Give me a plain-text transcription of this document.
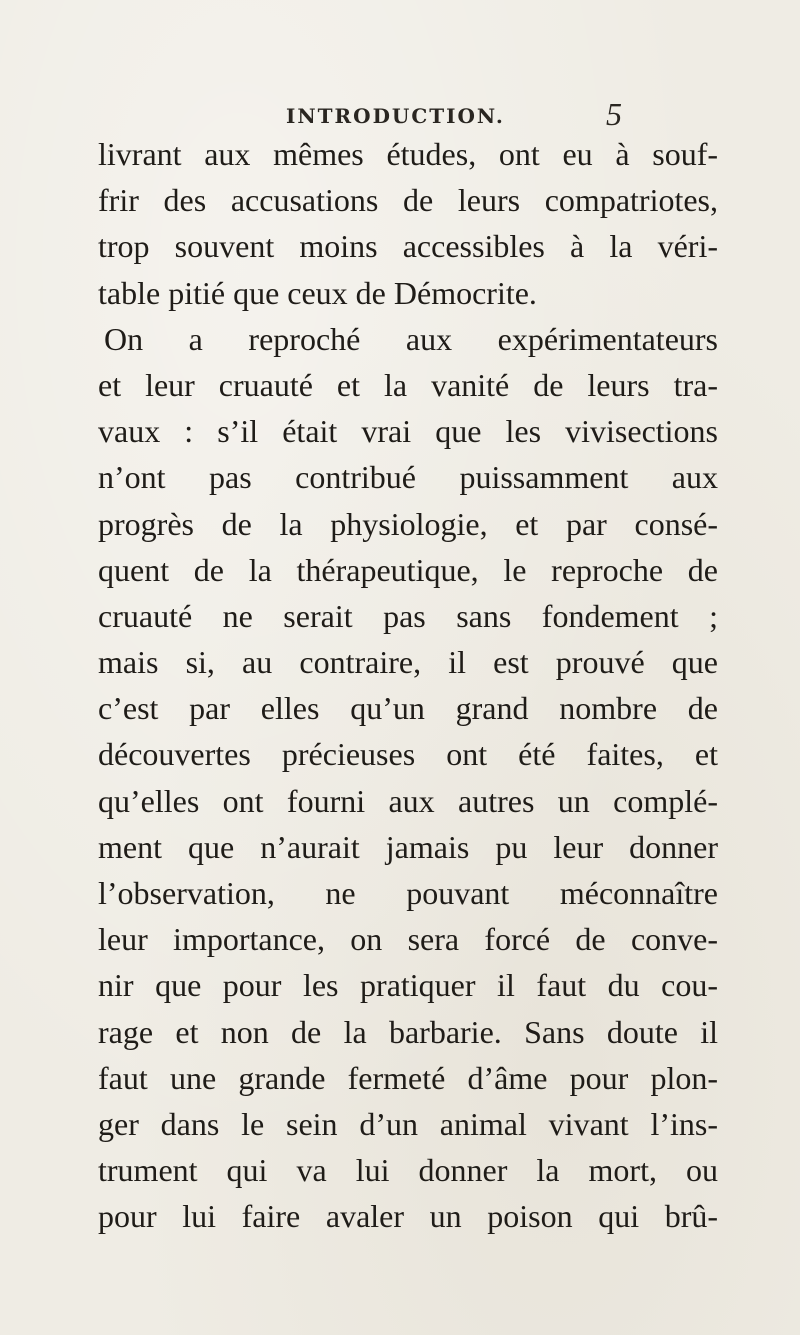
INTRODUCTION.	5
livrant aux mêmes études, ont eu à souf-
frir des accusations de leurs compatriotes,
trop souvent moins accessibles à la véri-
table pitié que ceux de Démocrite.
On a reproché aux expérimentateurs
et leur cruauté et la vanité de leurs tra-
vaux : s’il était vrai que les vivisections
n’ont pas contribué puissamment aux
progrès de la physiologie, et par consé-
quent de la thérapeutique, le reproche de
cruauté ne serait pas sans fondement ;
mais si, au contraire, il est prouvé que
c’est par elles qu’un grand nombre de
découvertes précieuses ont été faites, et
qu’elles ont fourni aux autres un complé-
ment que n’aurait jamais pu leur donner
l’observation, ne pouvant méconnaître
leur importance, on sera forcé de conve-
nir que pour les pratiquer il faut du cou-
rage et non de la barbarie. Sans doute il
faut une grande fermeté d’âme pour plon-
ger dans le sein d’un animal vivant l’ins-
trument qui va lui donner la mort, ou
pour lui faire avaler un poison qui brû-
